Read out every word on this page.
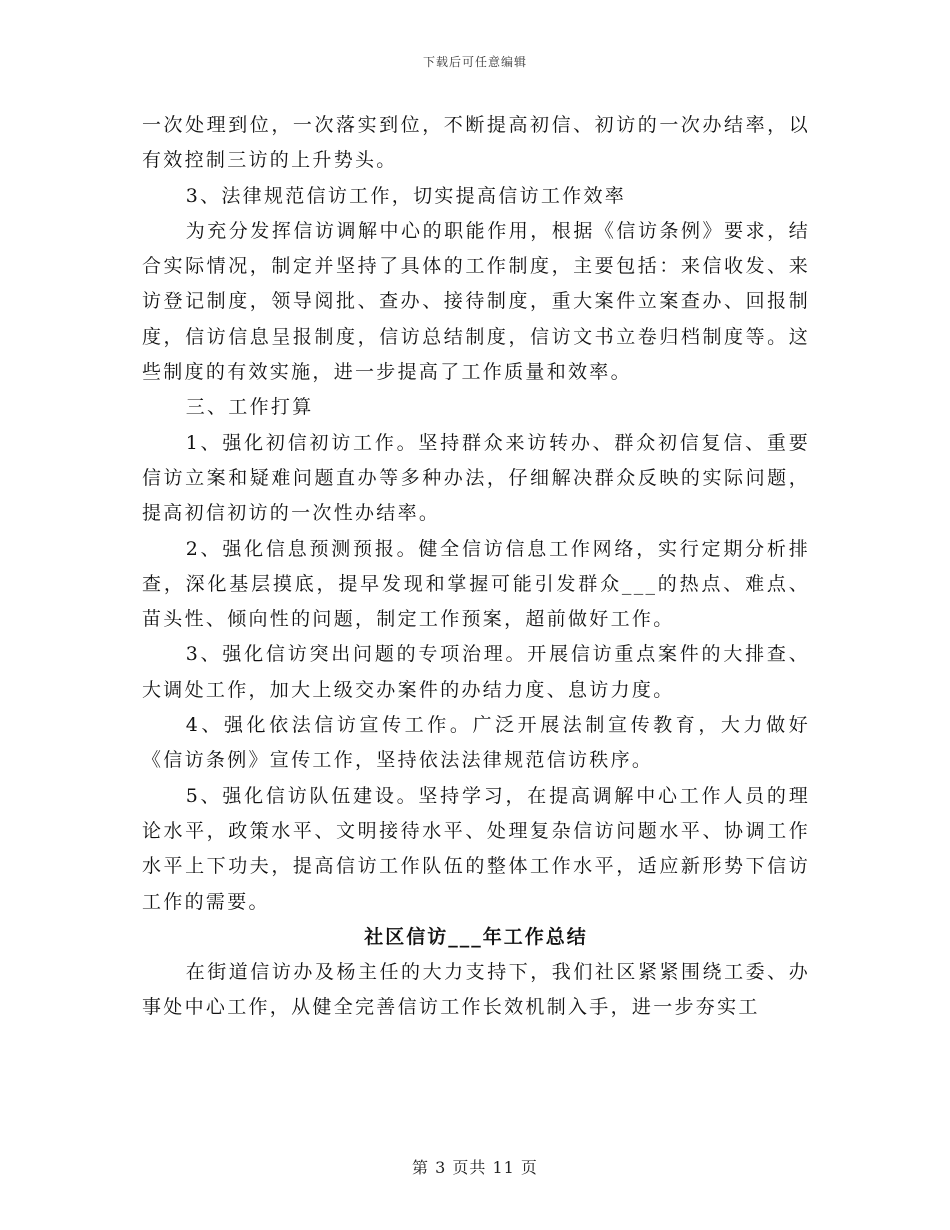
下载后可任意编辑

一次处理到位，一次落实到位，不断提高初信、初访的一次办结率，以有效控制三访的上升势头。

3、法律规范信访工作，切实提高信访工作效率

为充分发挥信访调解中心的职能作用，根据《信访条例》要求，结合实际情况，制定并坚持了具体的工作制度，主要包括：来信收发、来访登记制度，领导阅批、查办、接待制度，重大案件立案查办、回报制度，信访信息呈报制度，信访总结制度，信访文书立卷归档制度等。这些制度的有效实施，进一步提高了工作质量和效率。

三、工作打算

1、强化初信初访工作。坚持群众来访转办、群众初信复信、重要信访立案和疑难问题直办等多种办法，仔细解决群众反映的实际问题，提高初信初访的一次性办结率。

2、强化信息预测预报。健全信访信息工作网络，实行定期分析排查，深化基层摸底，提早发现和掌握可能引发群众___的热点、难点、苗头性、倾向性的问题，制定工作预案，超前做好工作。

3、强化信访突出问题的专项治理。开展信访重点案件的大排查、大调处工作，加大上级交办案件的办结力度、息访力度。

4、强化依法信访宣传工作。广泛开展法制宣传教育，大力做好《信访条例》宣传工作，坚持依法法律规范信访秩序。

5、强化信访队伍建设。坚持学习，在提高调解中心工作人员的理论水平，政策水平、文明接待水平、处理复杂信访问题水平、协调工作水平上下功夫，提高信访工作队伍的整体工作水平，适应新形势下信访工作的需要。

社区信访___年工作总结

在街道信访办及杨主任的大力支持下，我们社区紧紧围绕工委、办事处中心工作，从健全完善信访工作长效机制入手，进一步夯实工

第 3 页共 11 页
